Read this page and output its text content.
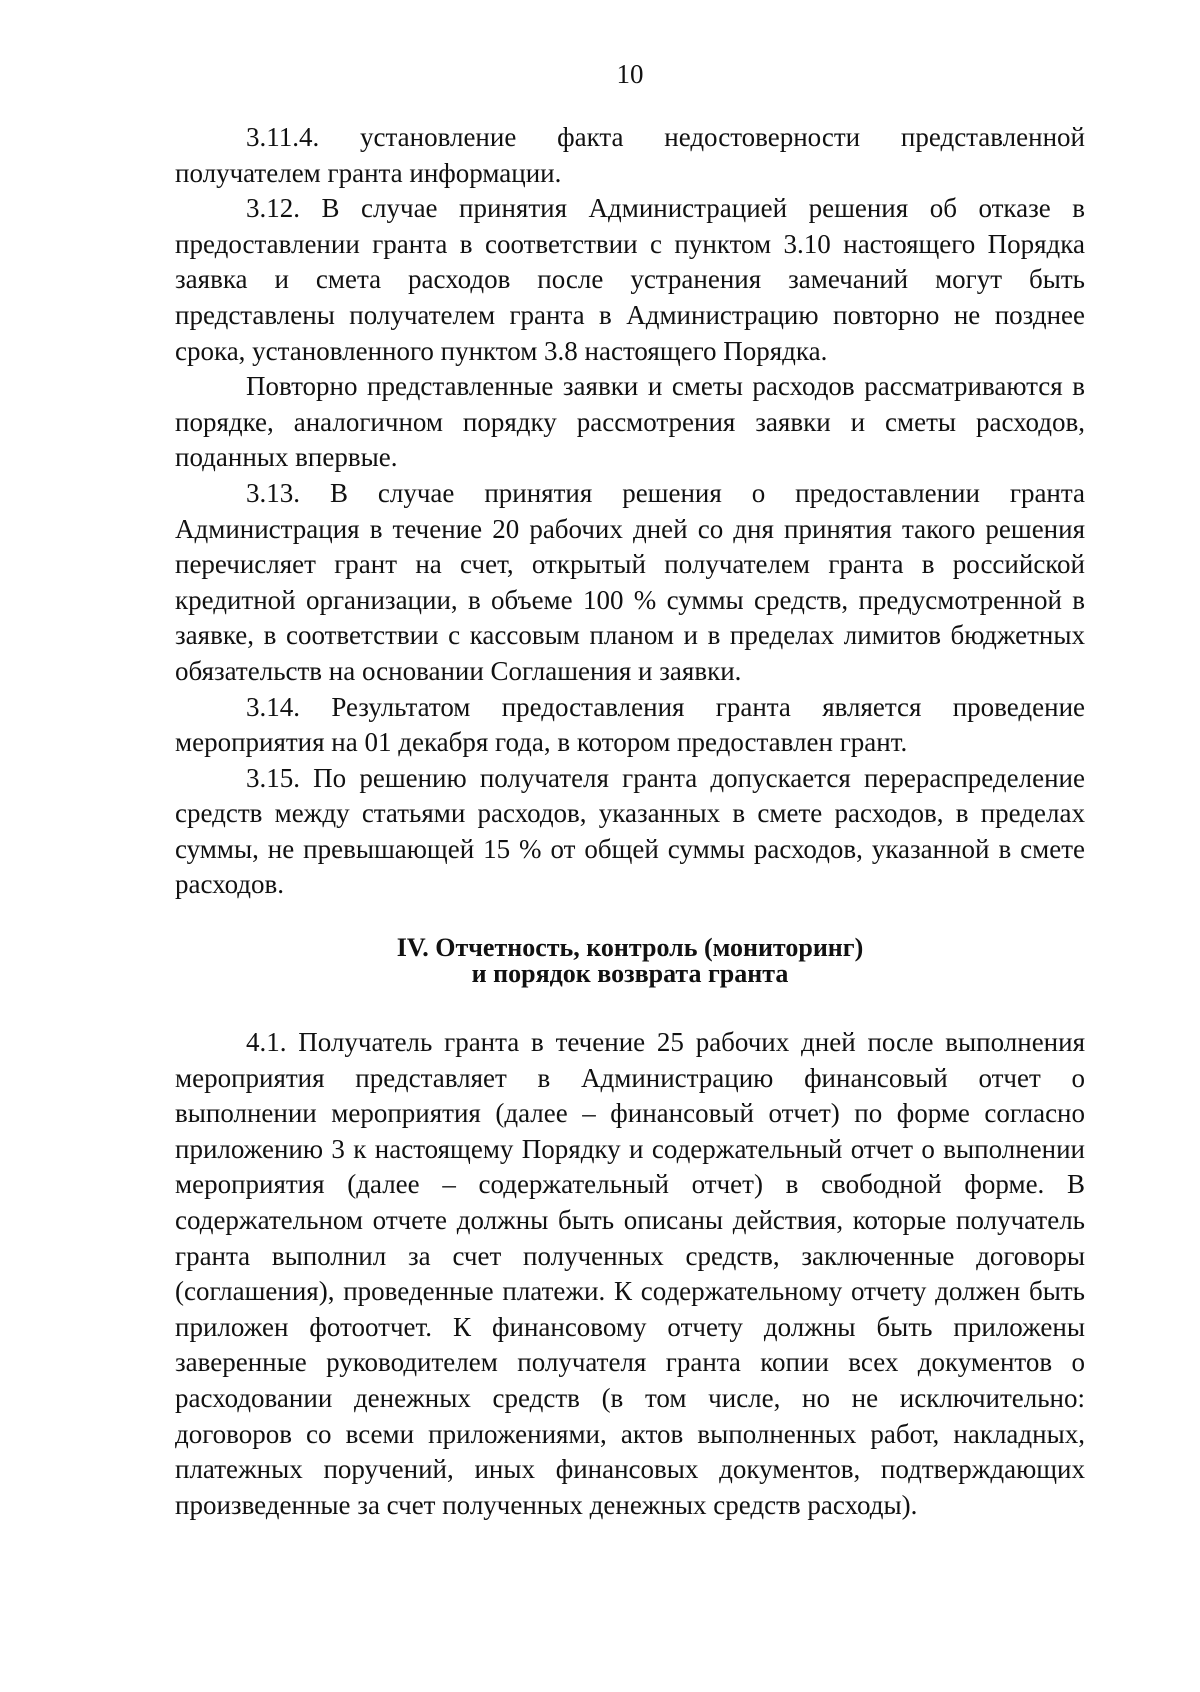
10

3.11.4. установление факта недостоверности представленной получателем гранта информации.

3.12. В случае принятия Администрацией решения об отказе в предоставлении гранта в соответствии с пунктом 3.10 настоящего Порядка заявка и смета расходов после устранения замечаний могут быть представлены получателем гранта в Администрацию повторно не позднее срока, установленного пунктом 3.8 настоящего Порядка.

Повторно представленные заявки и сметы расходов рассматриваются в порядке, аналогичном порядку рассмотрения заявки и сметы расходов, поданных впервые.

3.13. В случае принятия решения о предоставлении гранта Администрация в течение 20 рабочих дней со дня принятия такого решения перечисляет грант на счет, открытый получателем гранта в российской кредитной организации, в объеме 100 % суммы средств, предусмотренной в заявке, в соответствии с кассовым планом и в пределах лимитов бюджетных обязательств на основании Соглашения и заявки.

3.14. Результатом предоставления гранта является проведение мероприятия на 01 декабря года, в котором предоставлен грант.

3.15. По решению получателя гранта допускается перераспределение средств между статьями расходов, указанных в смете расходов, в пределах суммы, не превышающей 15 % от общей суммы расходов, указанной в смете расходов.

IV. Отчетность, контроль (мониторинг)
и порядок возврата гранта

4.1. Получатель гранта в течение 25 рабочих дней после выполнения мероприятия представляет в Администрацию финансовый отчет о выполнении мероприятия (далее – финансовый отчет) по форме согласно приложению 3 к настоящему Порядку и содержательный отчет о выполнении мероприятия (далее – содержательный отчет) в свободной форме. В содержательном отчете должны быть описаны действия, которые получатель гранта выполнил за счет полученных средств, заключенные договоры (соглашения), проведенные платежи. К содержательному отчету должен быть приложен фотоотчет. К финансовому отчету должны быть приложены заверенные руководителем получателя гранта копии всех документов о расходовании денежных средств (в том числе, но не исключительно: договоров со всеми приложениями, актов выполненных работ, накладных, платежных поручений, иных финансовых документов, подтверждающих произведенные за счет полученных денежных средств расходы).
